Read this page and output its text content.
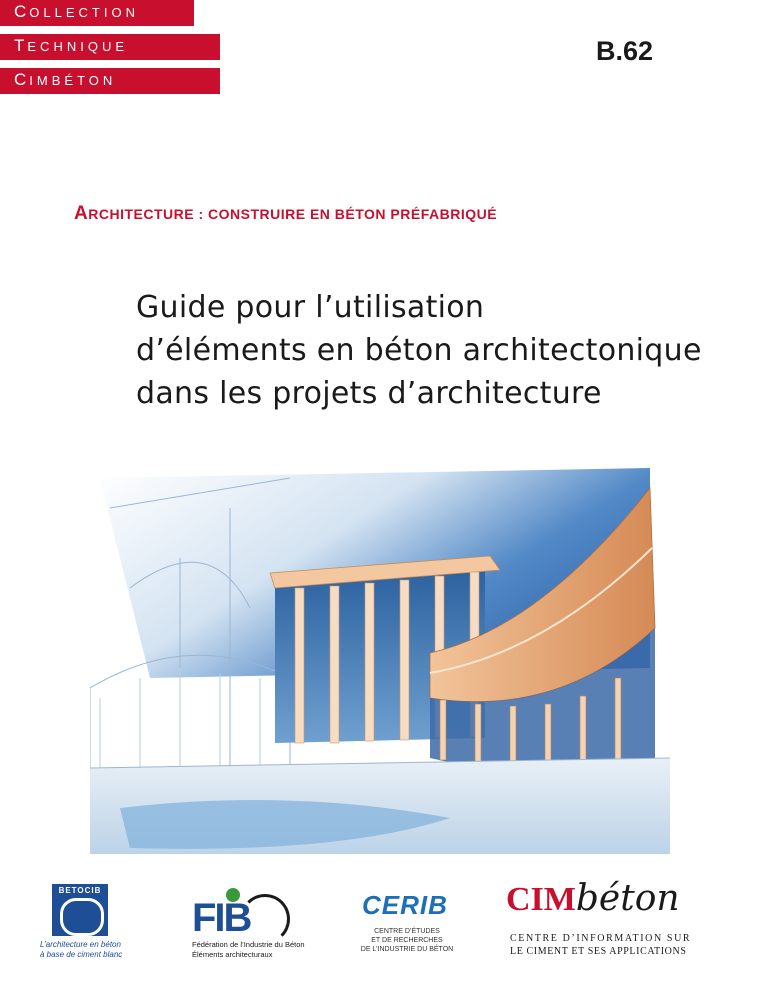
COLLECTION
TECHNIQUE
CIMBÉTON
B.62
ARCHITECTURE : CONSTRUIRE EN BÉTON PRÉFABRIQUÉ
Guide pour l’utilisation
d’éléments en béton architectonique
dans les projets d’architecture
BETOCIB
L’architecture en béton
à base de ciment blanc
FIB
Fédération de l’Industrie du Béton
Éléments architecturaux
CERIB
CENTRE D’ÉTUDES
ET DE RECHERCHES
DE L’INDUSTRIE DU BÉTON
CIMbéton
CENTRE D’INFORMATION SUR
LE CIMENT ET SES APPLICATIONS
